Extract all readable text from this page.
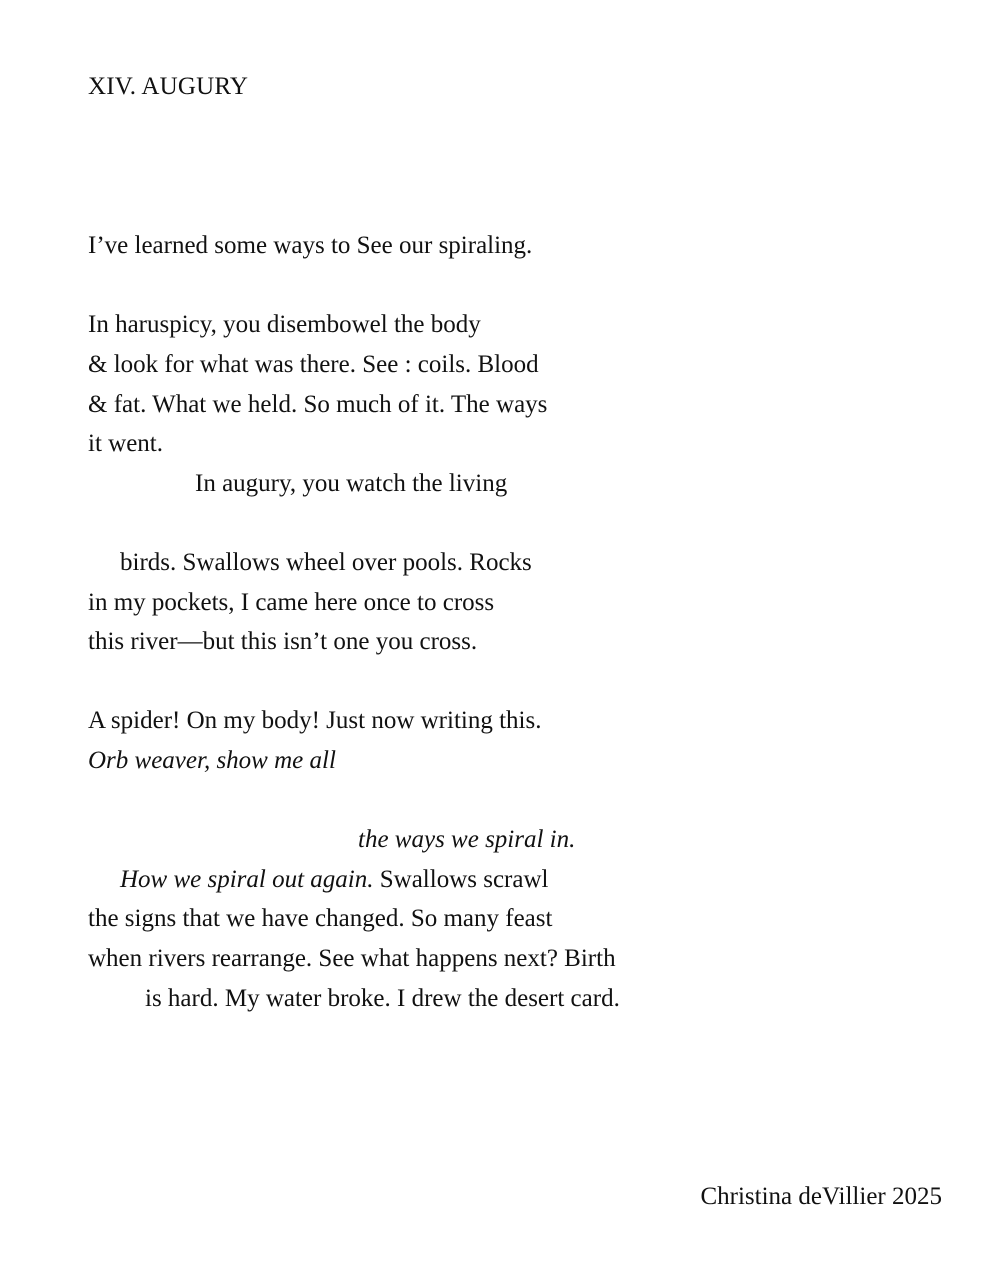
XIV. AUGURY
I’ve learned some ways to See our spiraling.
In haruspicy, you disembowel the body
& look for what was there. See : coils. Blood
& fat. What we held. So much of it. The ways
it went.
In augury, you watch the living
birds. Swallows wheel over pools. Rocks
in my pockets, I came here once to cross
this river—but this isn’t one you cross.
A spider! On my body! Just now writing this.
Orb weaver, show me all
the ways we spiral in.
How we spiral out again. Swallows scrawl
the signs that we have changed. So many feast
when rivers rearrange. See what happens next? Birth
is hard. My water broke. I drew the desert card.
Christina deVillier 2025
